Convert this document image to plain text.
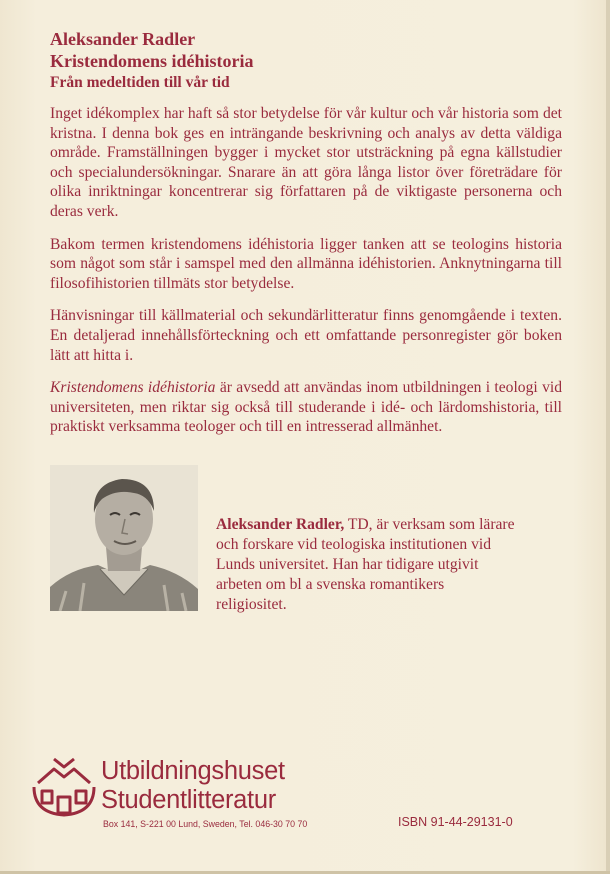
Aleksander Radler
Kristendomens idéhistoria
Från medeltiden till vår tid

Inget idékomplex har haft så stor betydelse för vår kultur och vår historia som det kristna. I denna bok ges en inträngande beskrivning och analys av detta väldiga område. Framställningen bygger i mycket stor utsträckning på egna källstudier och specialundersökningar. Snarare än att göra långa listor över företrädare för olika inriktningar koncentrerar sig författaren på de viktigaste personerna och deras verk.

Bakom termen kristendomens idéhistoria ligger tanken att se teologins historia som något som står i samspel med den allmänna idéhistorien. Anknytningarna till filosofihistorien tillmäts stor betydelse.

Hänvisningar till källmaterial och sekundärlitteratur finns genomgående i texten. En detaljerad innehållsförteckning och ett omfattande personregister gör boken lätt att hitta i.

Kristendomens idéhistoria är avsedd att användas inom utbildningen i teologi vid universiteten, men riktar sig också till studerande i idé- och lärdomshistoria, till praktiskt verksamma teologer och till en intresserad allmänhet.
Aleksander Radler, TD, är verksam som lärare och forskare vid teologiska institutionen vid Lunds universitet. Han har tidigare utgivit arbeten om bl a svenska romantikers religiositet.
Utbildningshuset
Studentlitteratur
Box 141, S-221 00 Lund, Sweden, Tel. 046-30 70 70	ISBN 91-44-29131-0
